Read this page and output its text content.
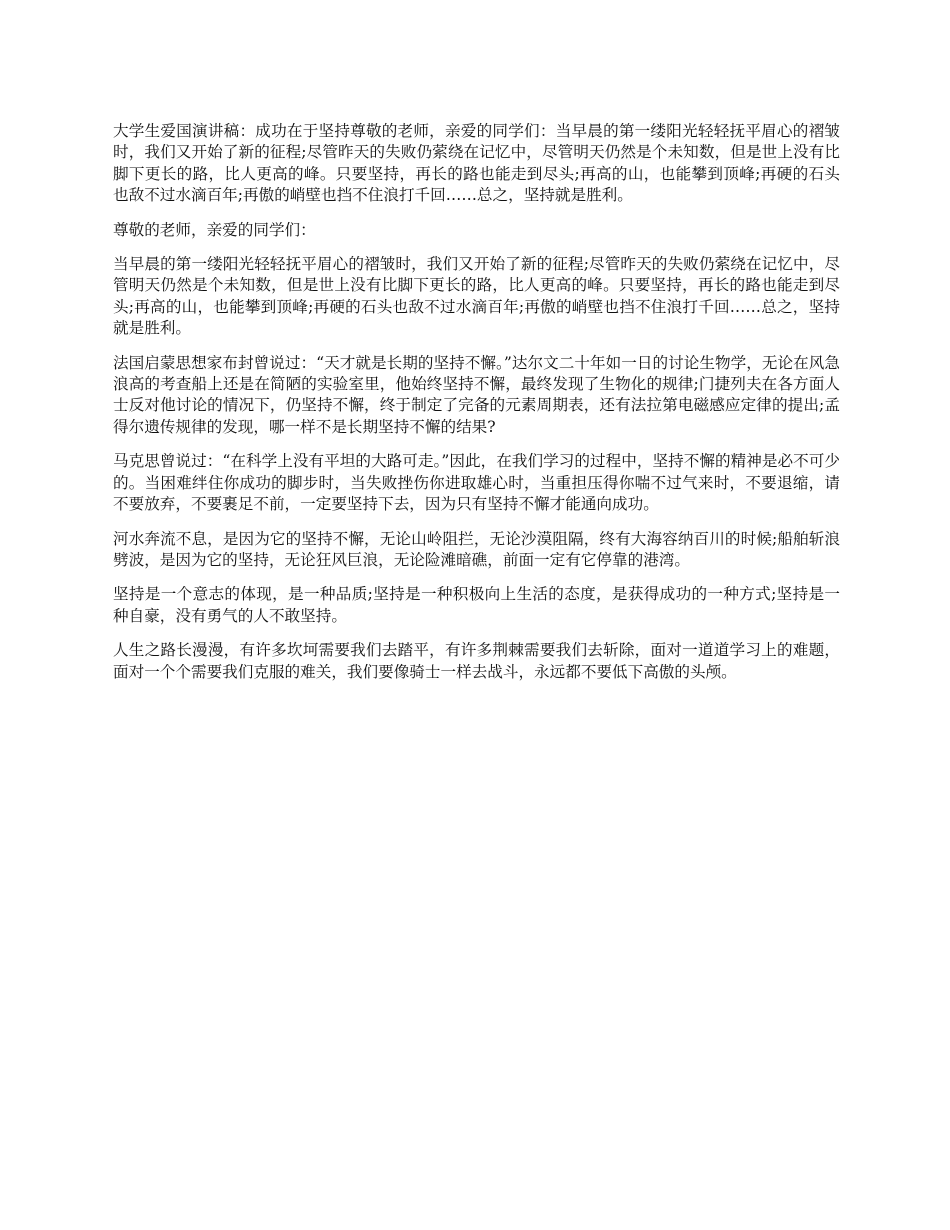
大学生爱国演讲稿：成功在于坚持尊敬的老师，亲爱的同学们：当早晨的第一缕阳光轻轻抚平眉心的褶皱时，我们又开始了新的征程;尽管昨天的失败仍萦绕在记忆中，尽管明天仍然是个未知数，但是世上没有比脚下更长的路，比人更高的峰。只要坚持，再长的路也能走到尽头;再高的山，也能攀到顶峰;再硬的石头也敌不过水滴百年;再傲的峭壁也挡不住浪打千回……总之，坚持就是胜利。

尊敬的老师，亲爱的同学们：

当早晨的第一缕阳光轻轻抚平眉心的褶皱时，我们又开始了新的征程;尽管昨天的失败仍萦绕在记忆中，尽管明天仍然是个未知数，但是世上没有比脚下更长的路，比人更高的峰。只要坚持，再长的路也能走到尽头;再高的山，也能攀到顶峰;再硬的石头也敌不过水滴百年;再傲的峭壁也挡不住浪打千回……总之，坚持就是胜利。

法国启蒙思想家布封曾说过：“天才就是长期的坚持不懈。”达尔文二十年如一日的讨论生物学，无论在风急浪高的考查船上还是在简陋的实验室里，他始终坚持不懈，最终发现了生物化的规律;门捷列夫在各方面人士反对他讨论的情况下，仍坚持不懈，终于制定了完备的元素周期表，还有法拉第电磁感应定律的提出;孟得尔遗传规律的发现，哪一样不是长期坚持不懈的结果?

马克思曾说过：“在科学上没有平坦的大路可走。”因此，在我们学习的过程中，坚持不懈的精神是必不可少的。当困难绊住你成功的脚步时，当失败挫伤你进取雄心时，当重担压得你喘不过气来时，不要退缩，请不要放弃，不要裹足不前，一定要坚持下去，因为只有坚持不懈才能通向成功。

河水奔流不息，是因为它的坚持不懈，无论山岭阻拦，无论沙漠阻隔，终有大海容纳百川的时候;船舶斩浪劈波，是因为它的坚持，无论狂风巨浪，无论险滩暗礁，前面一定有它停靠的港湾。

坚持是一个意志的体现，是一种品质;坚持是一种积极向上生活的态度，是获得成功的一种方式;坚持是一种自豪，没有勇气的人不敢坚持。

人生之路长漫漫，有许多坎坷需要我们去踏平，有许多荆棘需要我们去斩除，面对一道道学习上的难题，面对一个个需要我们克服的难关，我们要像骑士一样去战斗，永远都不要低下高傲的头颅。
